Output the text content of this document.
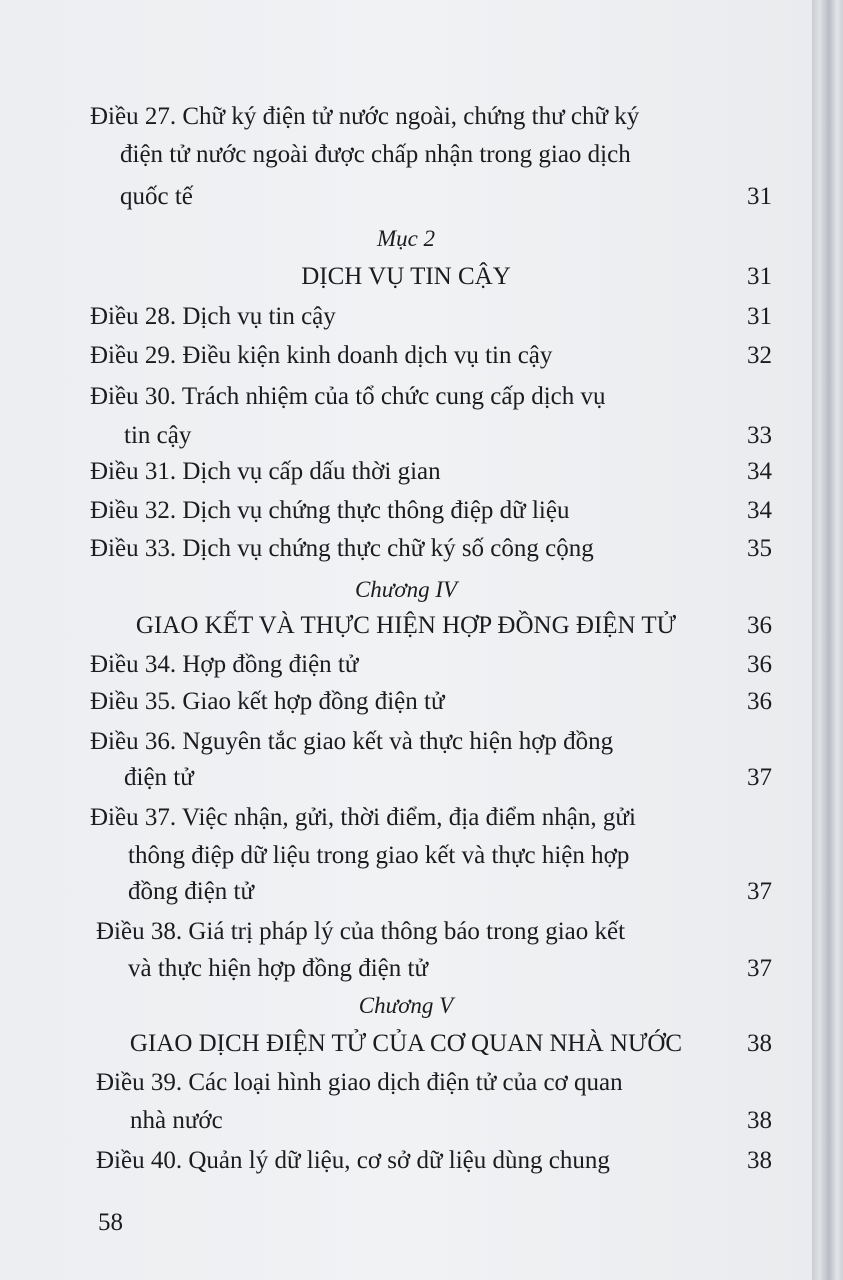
Điều 27. Chữ ký điện tử nước ngoài, chứng thư chữ ký
điện tử nước ngoài được chấp nhận trong giao dịch
quốc tế	31
Mục 2
DỊCH VỤ TIN CẬY	31
Điều 28. Dịch vụ tin cậy	31
Điều 29. Điều kiện kinh doanh dịch vụ tin cậy	32
Điều 30. Trách nhiệm của tổ chức cung cấp dịch vụ
tin cậy	33
Điều 31. Dịch vụ cấp dấu thời gian	34
Điều 32. Dịch vụ chứng thực thông điệp dữ liệu	34
Điều 33. Dịch vụ chứng thực chữ ký số công cộng	35
Chương IV
GIAO KẾT VÀ THỰC HIỆN HỢP ĐỒNG ĐIỆN TỬ	36
Điều 34. Hợp đồng điện tử	36
Điều 35. Giao kết hợp đồng điện tử	36
Điều 36. Nguyên tắc giao kết và thực hiện hợp đồng
điện tử	37
Điều 37. Việc nhận, gửi, thời điểm, địa điểm nhận, gửi
thông điệp dữ liệu trong giao kết và thực hiện hợp
đồng điện tử	37
Điều 38. Giá trị pháp lý của thông báo trong giao kết
và thực hiện hợp đồng điện tử	37
Chương V
GIAO DỊCH ĐIỆN TỬ CỦA CƠ QUAN NHÀ NƯỚC	38
Điều 39. Các loại hình giao dịch điện tử của cơ quan
nhà nước	38
Điều 40. Quản lý dữ liệu, cơ sở dữ liệu dùng chung	38
58
